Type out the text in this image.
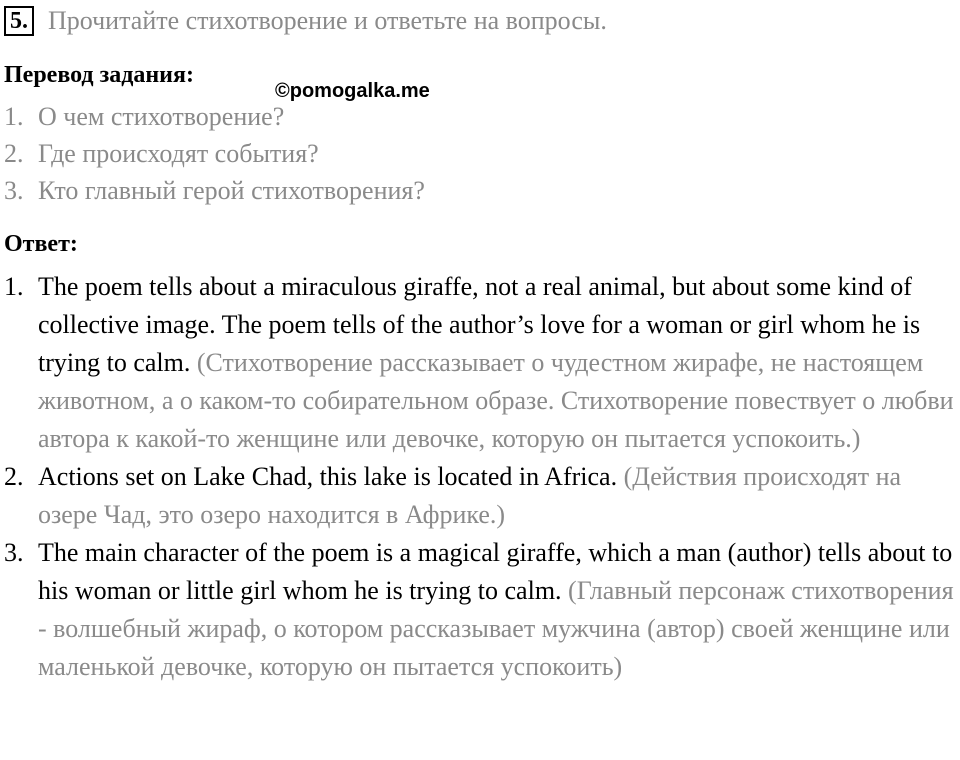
5. Прочитайте стихотворение и ответьте на вопросы.
Перевод задания:
©pomogalka.me
1. О чем стихотворение?
2. Где происходят события?
3. Кто главный герой стихотворения?
Ответ:
1. The poem tells about a miraculous giraffe, not a real animal, but about some kind of collective image. The poem tells of the author’s love for a woman or girl whom he is trying to calm. (Стихотворение рассказывает о чудестном жирафе, не настоящем животном, а о каком-то собирательном образе. Стихотворение повествует о любви автора к какой-то женщине или девочке, которую он пытается успокоить.)
2. Actions set on Lake Chad, this lake is located in Africa. (Действия происходят на озере Чад, это озеро находится в Африке.)
3. The main character of the poem is a magical giraffe, which a man (author) tells about to his woman or little girl whom he is trying to calm. (Главный персонаж стихотворения - волшебный жираф, о котором рассказывает мужчина (автор) своей женщине или маленькой девочке, которую он пытается успокоить)
